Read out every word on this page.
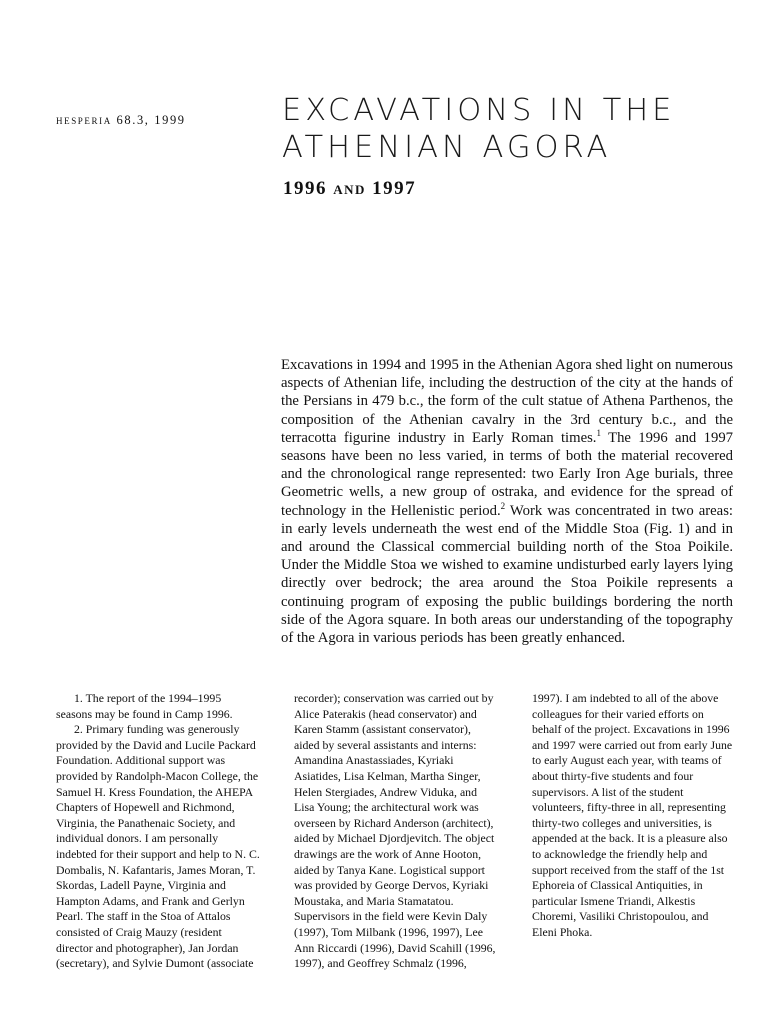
hesperia 68.3, 1999	EXCAVATIONS IN THE
ATHENIAN AGORA
1996 and 1997
Excavations in 1994 and 1995 in the Athenian Agora shed light on numerous aspects of Athenian life, including the destruction of the city at the hands of the Persians in 479 b.c., the form of the cult statue of Athena Parthenos, the composition of the Athenian cavalry in the 3rd century b.c., and the terracotta figurine industry in Early Roman times.$^1$ The 1996 and 1997 seasons have been no less varied, in terms of both the material recovered and the chronological range represented: two Early Iron Age burials, three Geometric wells, a new group of ostraka, and evidence for the spread of technology in the Hellenistic period.$^2$ Work was concentrated in two areas: in early levels underneath the west end of the Middle Stoa (Fig. 1) and in and around the Classical commercial building north of the Stoa Poikile. Under the Middle Stoa we wished to examine undisturbed early layers lying directly over bedrock; the area around the Stoa Poikile represents a continuing program of exposing the public buildings bordering the north side of the Agora square. In both areas our understanding of the topography of the Agora in various periods has been greatly enhanced.

1. The report of the 1994–1995 seasons may be found in Camp 1996.

2. Primary funding was generously provided by the David and Lucile Packard Foundation. Additional support was provided by Randolph-Macon College, the Samuel H. Kress Foundation, the AHEPA Chapters of Hopewell and Richmond, Virginia, the Panathenaic Society, and individual donors. I am personally indebted for their support and help to N. C. Dombalis, N. Kafantaris, James Moran, T. Skordas, Ladell Payne, Virginia and Hampton Adams, and Frank and Gerlyn Pearl. The staff in the Stoa of Attalos consisted of Craig Mauzy (resident director and photographer), Jan Jordan (secretary), and Sylvie Dumont (associate recorder); conservation was carried out by Alice Paterakis (head conservator) and Karen Stamm (assistant conservator), aided by several assistants and interns: Amandina Anastassiades, Kyriaki Asiatides, Lisa Kelman, Martha Singer, Helen Stergiades, Andrew Viduka, and Lisa Young; the architectural work was overseen by Richard Anderson (architect), aided by Michael Djordjevitch. The object drawings are the work of Anne Hooton, aided by Tanya Kane. Logistical support was provided by George Dervos, Kyriaki Moustaka, and Maria Stamatatou. Supervisors in the field were Kevin Daly (1997), Tom Milbank (1996, 1997), Lee Ann Riccardi (1996), David Scahill (1996, 1997), and Geoffrey Schmalz (1996, 1997). I am indebted to all of the above colleagues for their varied efforts on behalf of the project. Excavations in 1996 and 1997 were carried out from early June to early August each year, with teams of about thirty-five students and four supervisors. A list of the student volunteers, fifty-three in all, representing thirty-two colleges and universities, is appended at the back. It is a pleasure also to acknowledge the friendly help and support received from the staff of the 1st Ephoreia of Classical Antiquities, in particular Ismene Triandi, Alkestis Choremi, Vasiliki Christopoulou, and Eleni Phoka.
